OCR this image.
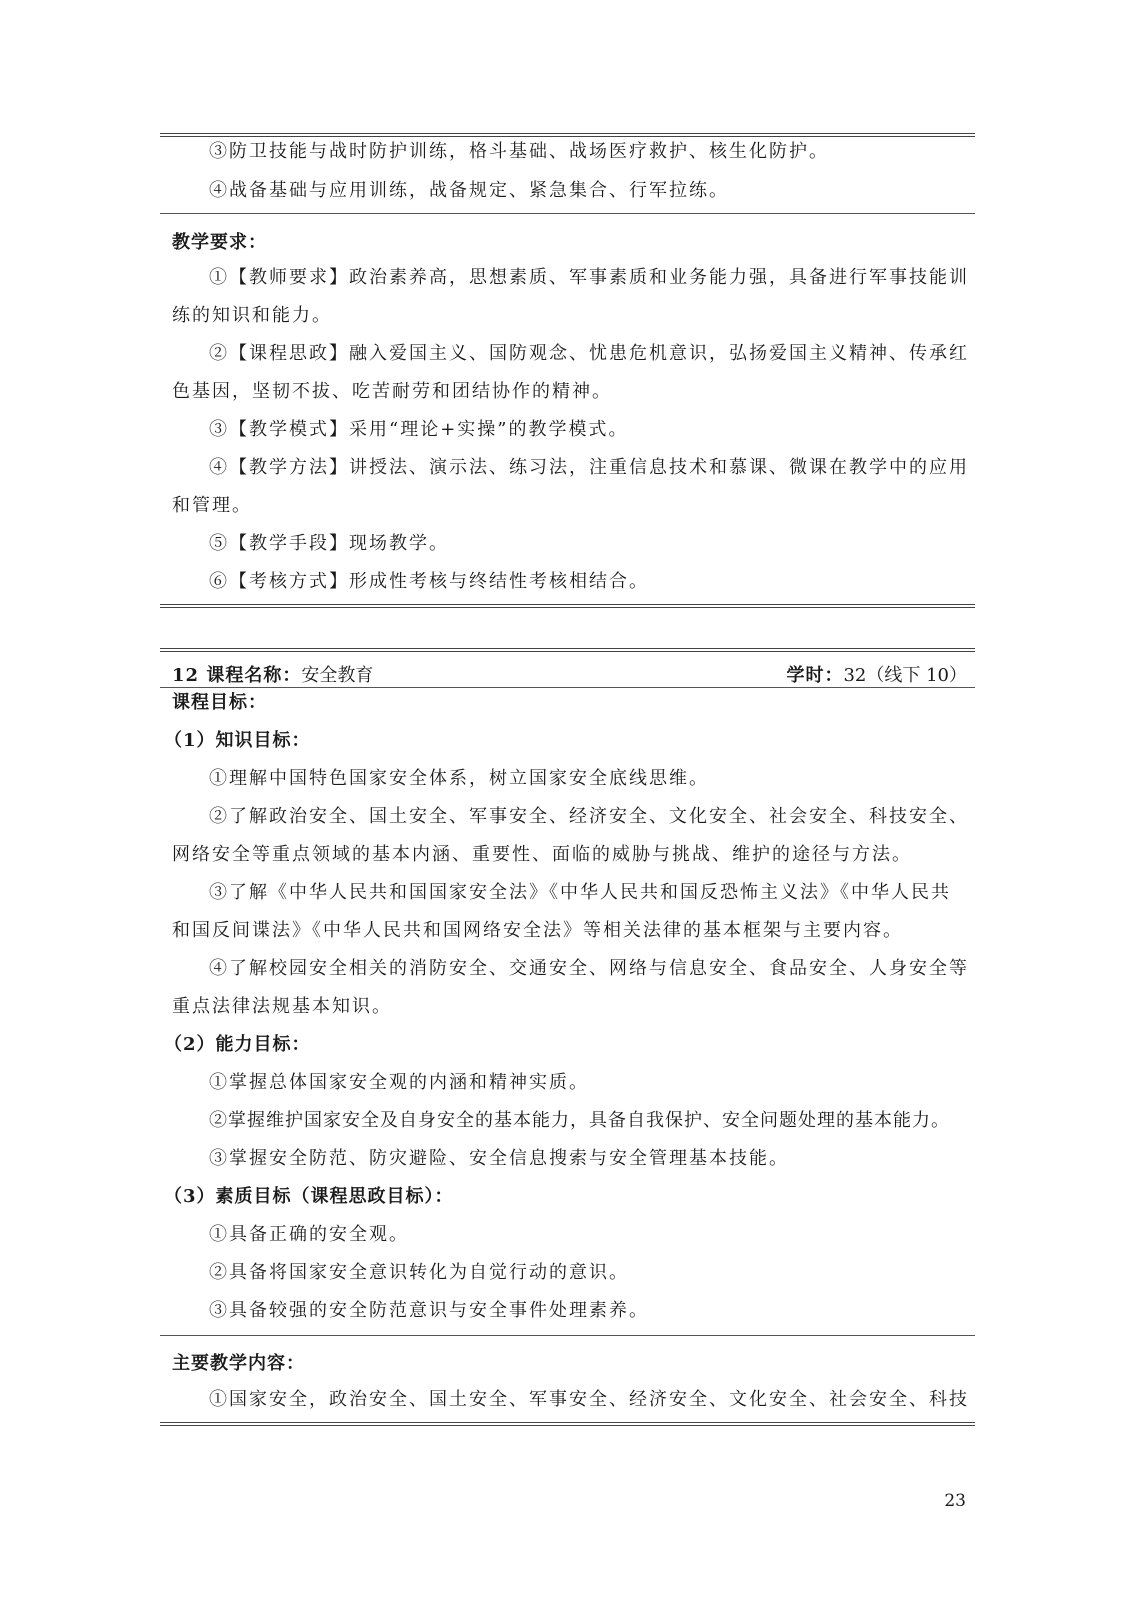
③防卫技能与战时防护训练，格斗基础、战场医疗救护、核生化防护。
④战备基础与应用训练，战备规定、紧急集合、行军拉练。
教学要求：
①【教师要求】政治素养高，思想素质、军事素质和业务能力强，具备进行军事技能训
练的知识和能力。
②【课程思政】融入爱国主义、国防观念、忧患危机意识，弘扬爱国主义精神、传承红
色基因，坚韧不拔、吃苦耐劳和团结协作的精神。
③【教学模式】采用“理论+实操”的教学模式。
④【教学方法】讲授法、演示法、练习法，注重信息技术和慕课、微课在教学中的应用
和管理。
⑤【教学手段】现场教学。
⑥【考核方式】形成性考核与终结性考核相结合。
12 课程名称：安全教育	学时：32（线下 10）
课程目标：
（1）知识目标：
①理解中国特色国家安全体系，树立国家安全底线思维。
②了解政治安全、国土安全、军事安全、经济安全、文化安全、社会安全、科技安全、
网络安全等重点领域的基本内涵、重要性、面临的威胁与挑战、维护的途径与方法。
③了解《中华人民共和国国家安全法》《中华人民共和国反恐怖主义法》《中华人民共
和国反间谍法》《中华人民共和国网络安全法》等相关法律的基本框架与主要内容。
④了解校园安全相关的消防安全、交通安全、网络与信息安全、食品安全、人身安全等
重点法律法规基本知识。
（2）能力目标：
①掌握总体国家安全观的内涵和精神实质。
②掌握维护国家安全及自身安全的基本能力，具备自我保护、安全问题处理的基本能力。
③掌握安全防范、防灾避险、安全信息搜索与安全管理基本技能。
（3）素质目标（课程思政目标）：
①具备正确的安全观。
②具备将国家安全意识转化为自觉行动的意识。
③具备较强的安全防范意识与安全事件处理素养。
主要教学内容：
①国家安全，政治安全、国土安全、军事安全、经济安全、文化安全、社会安全、科技
23
